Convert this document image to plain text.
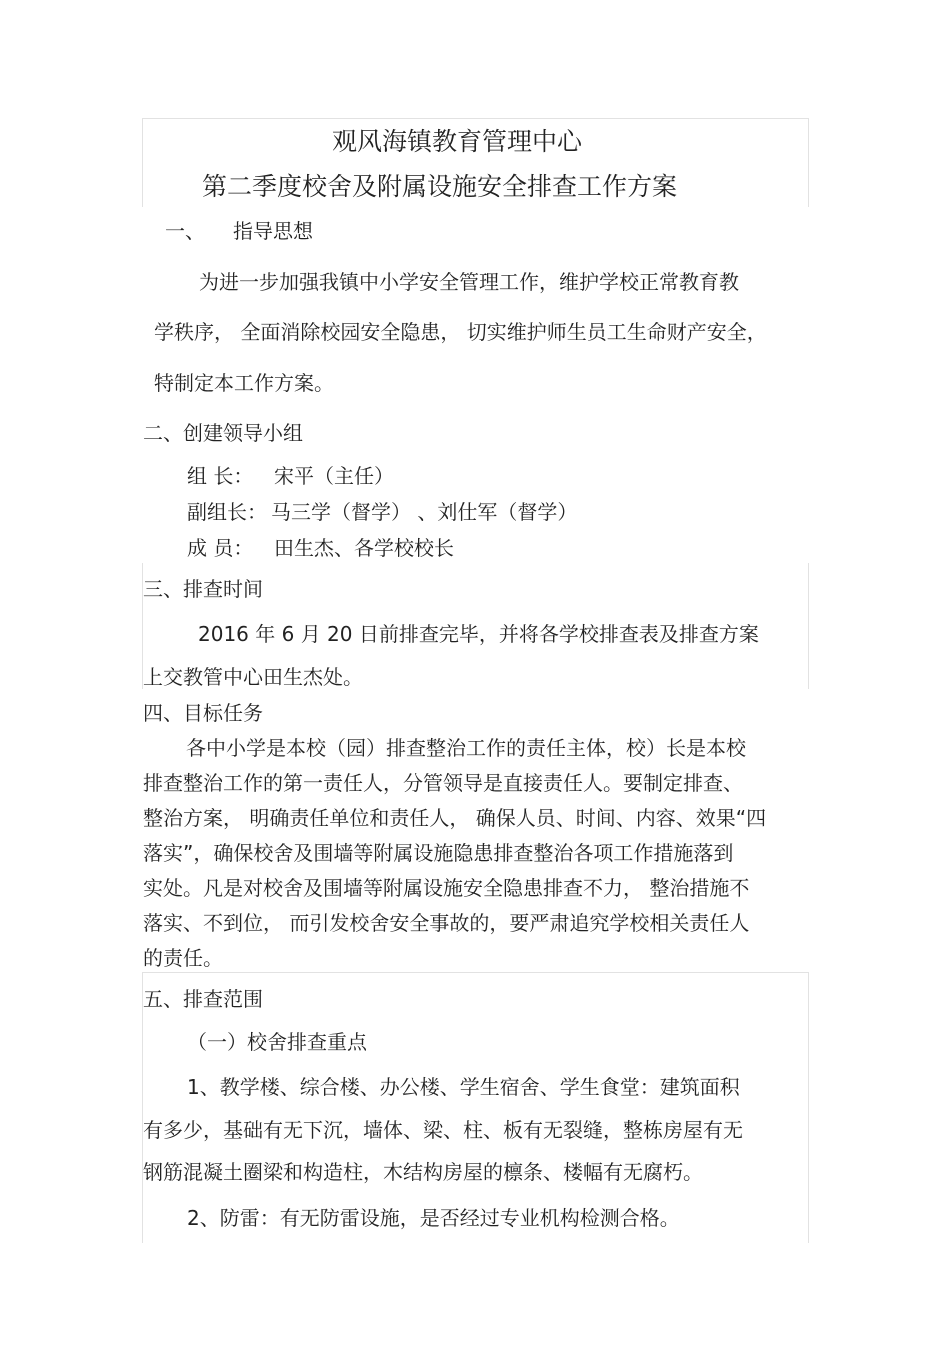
观风海镇教育管理中心
第二季度校舍及附属设施安全排查工作方案
一、 指导思想
为进一步加强我镇中小学安全管理工作，维护学校正常教育教
学秩序， 全面消除校园安全隐患， 切实维护师生员工生命财产安全，
特制定本工作方案。
二、创建领导小组
组 长： 宋平（主任）
副组长： 马三学（督学） 、刘仕军（督学）
成 员： 田生杰、各学校校长
三、排查时间
2016 年 6 月 20 日前排查完毕，并将各学校排查表及排查方案
上交教管中心田生杰处。
四、目标任务
各中小学是本校（园）排查整治工作的责任主体，校）长是本校
排查整治工作的第一责任人，分管领导是直接责任人。要制定排查、
整治方案， 明确责任单位和责任人， 确保人员、时间、内容、效果“四
落实”，确保校舍及围墙等附属设施隐患排查整治各项工作措施落到
实处。凡是对校舍及围墙等附属设施安全隐患排查不力， 整治措施不
落实、不到位， 而引发校舍安全事故的，要严肃追究学校相关责任人
的责任。
五、排查范围
（一）校舍排查重点
1、教学楼、综合楼、办公楼、学生宿舍、学生食堂：建筑面积
有多少，基础有无下沉，墙体、梁、柱、板有无裂缝，整栋房屋有无
钢筋混凝土圈梁和构造柱，木结构房屋的檩条、楼幅有无腐朽。
2、防雷：有无防雷设施，是否经过专业机构检测合格。
